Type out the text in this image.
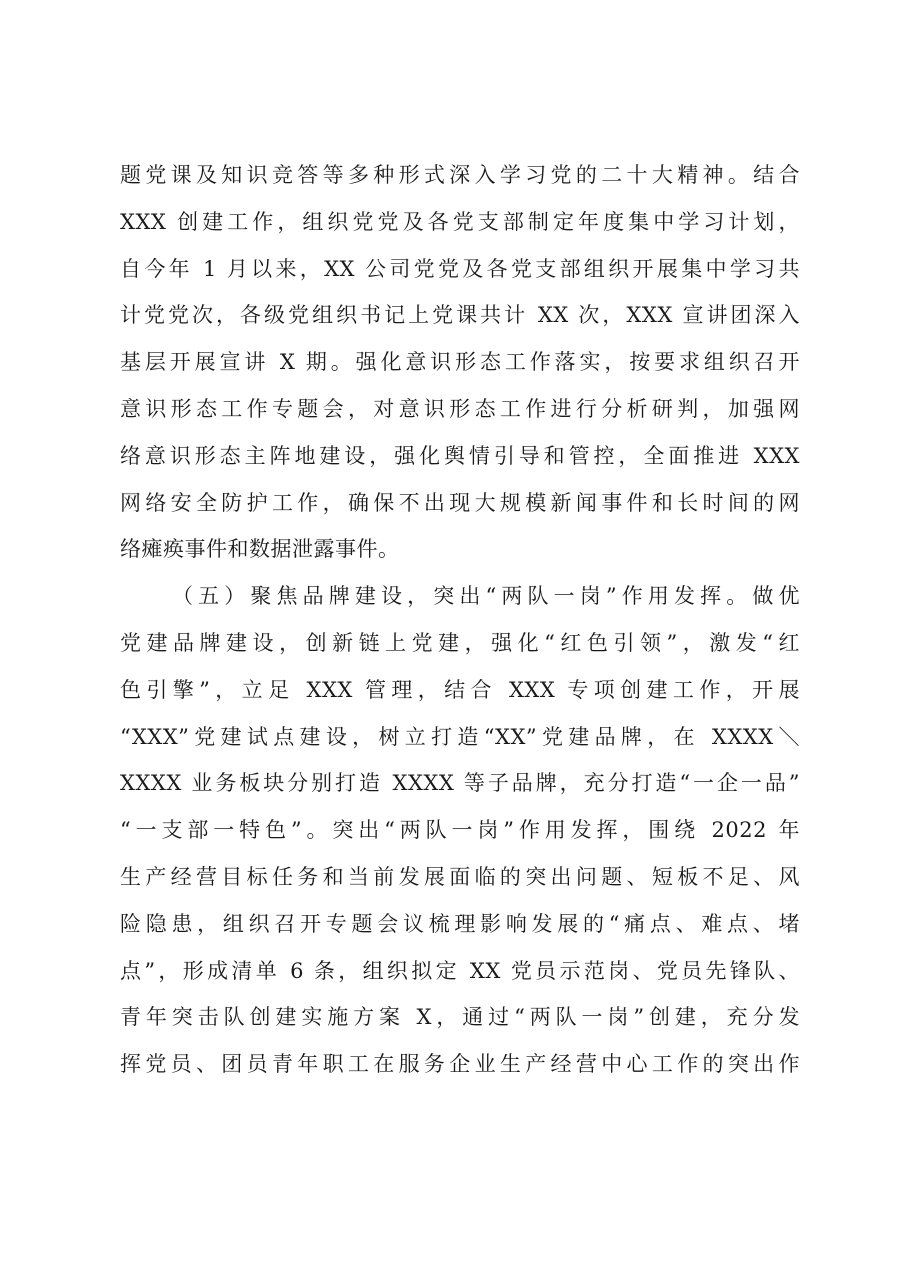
题党课及知识竞答等多种形式深入学习党的二十大精神。结合
XXX 创建工作，组织党党及各党支部制定年度集中学习计划，
自今年 1 月以来，XX 公司党党及各党支部组织开展集中学习共
计党党次，各级党组织书记上党课共计 XX 次，XXX 宣讲团深入
基层开展宣讲 X 期。强化意识形态工作落实，按要求组织召开
意识形态工作专题会，对意识形态工作进行分析研判，加强网
络意识形态主阵地建设，强化舆情引导和管控，全面推进 XXX
网络安全防护工作，确保不出现大规模新闻事件和长时间的网
络瘫痪事件和数据泄露事件。
（五）聚焦品牌建设，突出“两队一岗”作用发挥。做优
党建品牌建设，创新链上党建，强化“红色引领”，激发“红
色引擎”，立足 XXX 管理，结合 XXX 专项创建工作，开展
“XXX”党建试点建设，树立打造“XX”党建品牌，在 XXXX＼
XXXX 业务板块分别打造 XXXX 等子品牌，充分打造“一企一品”
“一支部一特色”。突出“两队一岗”作用发挥，围绕 2022 年
生产经营目标任务和当前发展面临的突出问题、短板不足、风
险隐患，组织召开专题会议梳理影响发展的“痛点、难点、堵
点”，形成清单 6 条，组织拟定 XX 党员示范岗、党员先锋队、
青年突击队创建实施方案 X，通过“两队一岗”创建，充分发
挥党员、团员青年职工在服务企业生产经营中心工作的突出作
